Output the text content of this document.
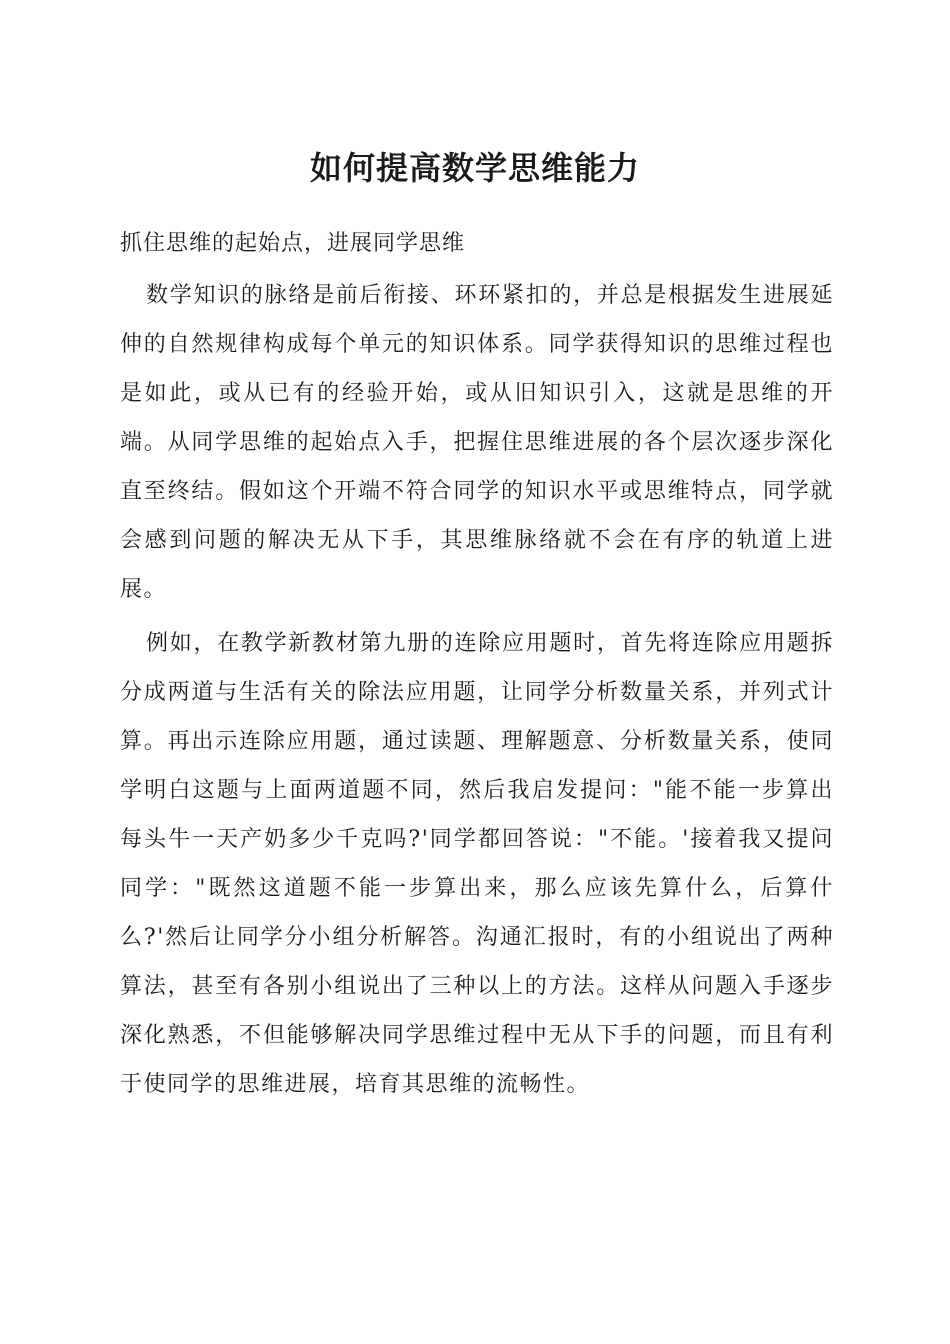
如何提高数学思维能力

抓住思维的起始点，进展同学思维

数学知识的脉络是前后衔接、环环紧扣的，并总是根据发生进展延伸的自然规律构成每个单元的知识体系。同学获得知识的思维过程也是如此，或从已有的经验开始，或从旧知识引入，这就是思维的开端。从同学思维的起始点入手，把握住思维进展的各个层次逐步深化直至终结。假如这个开端不符合同学的知识水平或思维特点，同学就会感到问题的解决无从下手，其思维脉络就不会在有序的轨道上进展。

例如，在教学新教材第九册的连除应用题时，首先将连除应用题拆分成两道与生活有关的除法应用题，让同学分析数量关系，并列式计算。再出示连除应用题，通过读题、理解题意、分析数量关系，使同学明白这题与上面两道题不同，然后我启发提问："能不能一步算出每头牛一天产奶多少千克吗?'同学都回答说："不能。'接着我又提问同学："既然这道题不能一步算出来，那么应该先算什么，后算什么?'然后让同学分小组分析解答。沟通汇报时，有的小组说出了两种算法，甚至有各别小组说出了三种以上的方法。这样从问题入手逐步深化熟悉，不但能够解决同学思维过程中无从下手的问题，而且有利于使同学的思维进展，培育其思维的流畅性。
